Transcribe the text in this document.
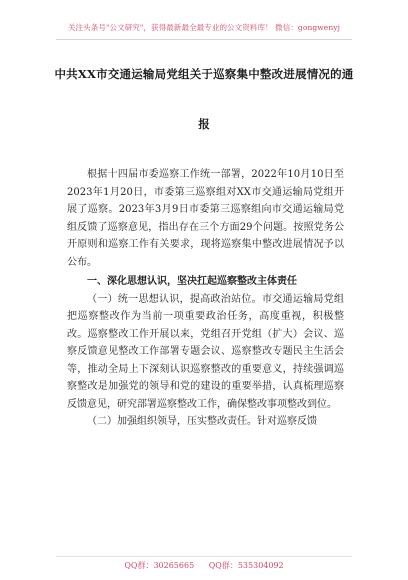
关注头条号"公文研究"，获得最新最全最专业的公文资料库！ 微信：gongwenyj
中共XX市交通运输局党组关于巡察集中整改进展情况的通
报

根据十四届市委巡察工作统一部署，2022年10月10日至2023年1月20日，市委第三巡察组对XX市交通运输局党组开展了巡察。2023年3月9日市委第三巡察组向市交通运输局党组反馈了巡察意见，指出存在三个方面29个问题。按照党务公开原则和巡察工作有关要求，现将巡察集中整改进展情况予以公布。

一、深化思想认识，坚决扛起巡察整改主体责任

（一）统一思想认识，提高政治站位。市交通运输局党组把巡察整改作为当前一项重要政治任务，高度重视，积极整改。巡察整改工作开展以来，党组召开党组（扩大）会议、巡察反馈意见整改工作部署专题会议、巡察整改专题民主生活会等，推动全局上下深刻认识巡察整改的重要意义，持续强调巡察整改是加强党的领导和党的建设的重要举措，认真梳理巡察反馈意见，研究部署巡察整改工作，确保整改事项整改到位。

（二）加强组织领导，压实整改责任。针对巡察反馈

QQ群：30265665 QQ群：535304092
